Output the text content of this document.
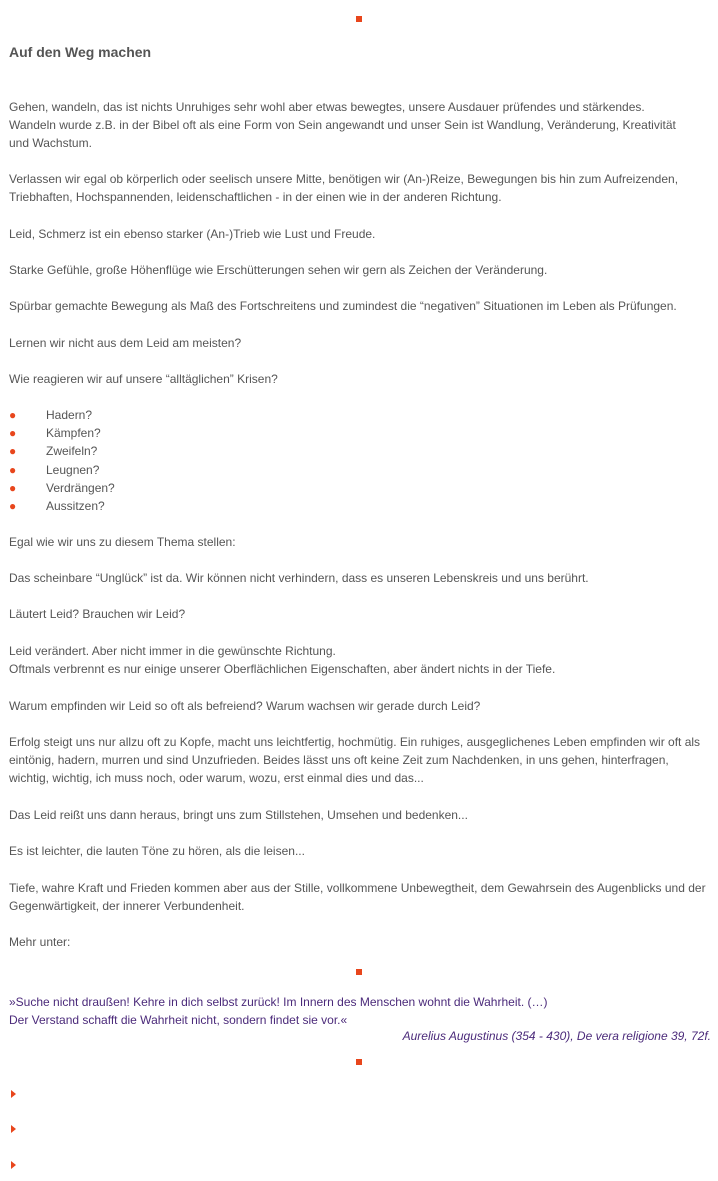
Auf den Weg machen

Gehen, wandeln, das ist nichts Unruhiges sehr wohl aber etwas bewegtes, unsere Ausdauer prüfendes und stärkendes.
Wandeln wurde z.B. in der Bibel oft als eine Form von Sein angewandt und unser Sein ist Wandlung, Veränderung, Kreativität
und Wachstum.

Verlassen wir egal ob körperlich oder seelisch unsere Mitte, benötigen wir (An-)Reize, Bewegungen bis hin zum Aufreizenden,
Triebhaften, Hochspannenden, leidenschaftlichen - in der einen wie in der anderen Richtung.

Leid, Schmerz ist ein ebenso starker (An-)Trieb wie Lust und Freude.

Starke Gefühle, große Höhenflüge wie Erschütterungen sehen wir gern als Zeichen der Veränderung.

Spürbar gemachte Bewegung als Maß des Fortschreitens und zumindest die “negativen” Situationen im Leben als Prüfungen.

Lernen wir nicht aus dem Leid am meisten?

Wie reagieren wir auf unsere “alltäglichen” Krisen?

● Hadern?
● Kämpfen?
● Zweifeln?
● Leugnen?
● Verdrängen?
● Aussitzen?

Egal wie wir uns zu diesem Thema stellen:

Das scheinbare “Unglück” ist da. Wir können nicht verhindern, dass es unseren Lebenskreis und uns berührt.

Läutert Leid? Brauchen wir Leid?

Leid verändert. Aber nicht immer in die gewünschte Richtung.
Oftmals verbrennt es nur einige unserer Oberflächlichen Eigenschaften, aber ändert nichts in der Tiefe.

Warum empfinden wir Leid so oft als befreiend? Warum wachsen wir gerade durch Leid?

Erfolg steigt uns nur allzu oft zu Kopfe, macht uns leichtfertig, hochmütig. Ein ruhiges, ausgeglichenes Leben empfinden wir oft als
eintönig, hadern, murren und sind Unzufrieden. Beides lässt uns oft keine Zeit zum Nachdenken, in uns gehen, hinterfragen,
wichtig, wichtig, ich muss noch, oder warum, wozu, erst einmal dies und das...

Das Leid reißt uns dann heraus, bringt uns zum Stillstehen, Umsehen und bedenken...

Es ist leichter, die lauten Töne zu hören, als die leisen...

Tiefe, wahre Kraft und Frieden kommen aber aus der Stille, vollkommene Unbewegtheit, dem Gewahrsein des Augenblicks und der
Gegenwärtigkeit, der innerer Verbundenheit.

Mehr unter:

»Suche nicht draußen! Kehre in dich selbst zurück! Im Innern des Menschen wohnt die Wahrheit. (…)
Der Verstand schafft die Wahrheit nicht, sondern findet sie vor.«
Aurelius Augustinus (354 - 430), De vera religione 39, 72f.
